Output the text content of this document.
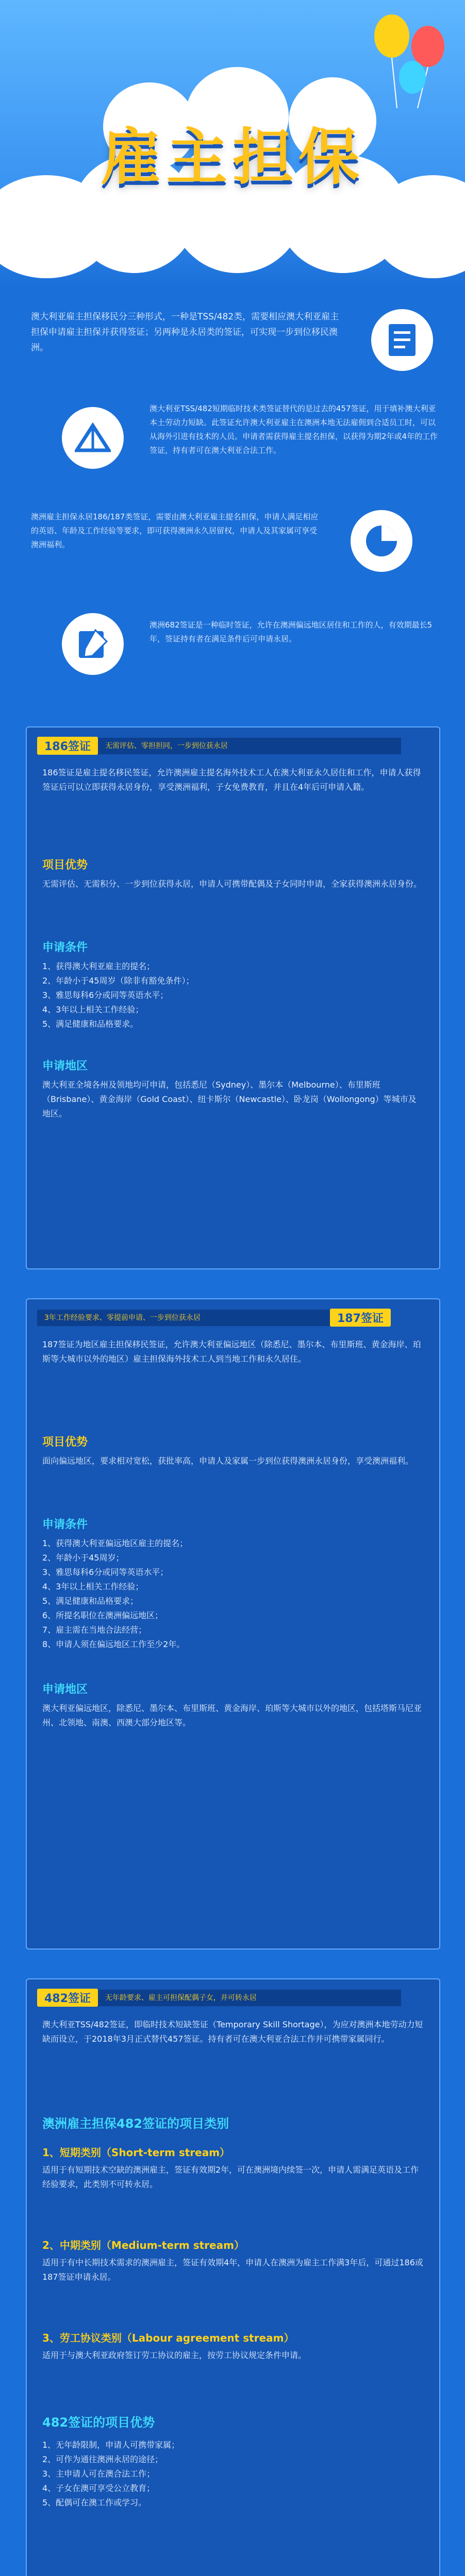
雇主担保
澳大利亚雇主担保移民分三种形式，一种是TSS/482类，需要相应澳大利亚雇主担保申请雇主担保并获得签证；另两种是永居类的签证，可实现一步到位移民澳洲。
澳大利亚TSS/482短期临时技术类签证替代的是过去的457签证，用于填补澳大利亚本土劳动力短缺。此签证允许澳大利亚雇主在澳洲本地无法雇佣到合适员工时，可以从海外引进有技术的人员。申请者需获得雇主提名担保，以获得为期2年或4年的工作签证，持有者可在澳大利亚合法工作。
澳洲雇主担保永居186/187类签证，需要由澳大利亚雇主提名担保，申请人满足相应的英语、年龄及工作经验等要求，即可获得澳洲永久居留权，申请人及其家属可享受澳洲福利。
澳洲682签证是一种临时签证，允许在澳洲偏远地区居住和工作的人，有效期最长5年，签证持有者在满足条件后可申请永居。
186签证	无需评估、零担担同，一步到位获永居
186签证是雇主提名移民签证，允许澳洲雇主提名海外技术工人在澳大利亚永久居住和工作，申请人获得签证后可以立即获得永居身份，享受澳洲福利，子女免费教育，并且在4年后可申请入籍。
项目优势
无需评估、无需积分、一步到位获得永居，申请人可携带配偶及子女同时申请，全家获得澳洲永居身份。
申请条件
1、获得澳大利亚雇主的提名；
2、年龄小于45周岁（除非有豁免条件）；
3、雅思每科6分或同等英语水平；
4、3年以上相关工作经验；
5、满足健康和品格要求。
申请地区
澳大利亚全境各州及领地均可申请，包括悉尼（Sydney）、墨尔本（Melbourne）、布里斯班（Brisbane）、黄金海岸（Gold Coast）、纽卡斯尔（Newcastle）、卧龙岗（Wollongong）等城市及地区。
3年工作经验要求、零提前申请、一步到位获永居	187签证
187签证为地区雇主担保移民签证，允许澳大利亚偏远地区（除悉尼、墨尔本、布里斯班、黄金海岸、珀斯等大城市以外的地区）雇主担保海外技术工人到当地工作和永久居住。
项目优势
面向偏远地区，要求相对宽松，获批率高，申请人及家属一步到位获得澳洲永居身份，享受澳洲福利。
申请条件
1、获得澳大利亚偏远地区雇主的提名；
2、年龄小于45周岁；
3、雅思每科6分或同等英语水平；
4、3年以上相关工作经验；
5、满足健康和品格要求；
6、所提名职位在澳洲偏远地区；
7、雇主需在当地合法经营；
8、申请人须在偏远地区工作至少2年。
申请地区
澳大利亚偏远地区，除悉尼、墨尔本、布里斯班、黄金海岸、珀斯等大城市以外的地区，包括塔斯马尼亚州、北领地、南澳、西澳大部分地区等。
482签证	无年龄要求、雇主可担保配偶子女，并可转永居
澳大利亚TSS/482签证，即临时技术短缺签证（Temporary Skill Shortage），为应对澳洲本地劳动力短缺而设立，于2018年3月正式替代457签证。持有者可在澳大利亚合法工作并可携带家属同行。
澳洲雇主担保482签证的项目类别
1、短期类别（Short-term stream）
适用于有短期技术空缺的澳洲雇主，签证有效期2年，可在澳洲境内续签一次，申请人需满足英语及工作经验要求，此类别不可转永居。
2、中期类别（Medium-term stream）
适用于有中长期技术需求的澳洲雇主，签证有效期4年，申请人在澳洲为雇主工作满3年后，可通过186或187签证申请永居。
3、劳工协议类别（Labour agreement stream）
适用于与澳大利亚政府签订劳工协议的雇主，按劳工协议规定条件申请。
482签证的项目优势
1、无年龄限制，申请人可携带家属；
2、可作为通往澳洲永居的途径；
3、主申请人可在澳合法工作；
4、子女在澳可享受公立教育；
5、配偶可在澳工作或学习。
